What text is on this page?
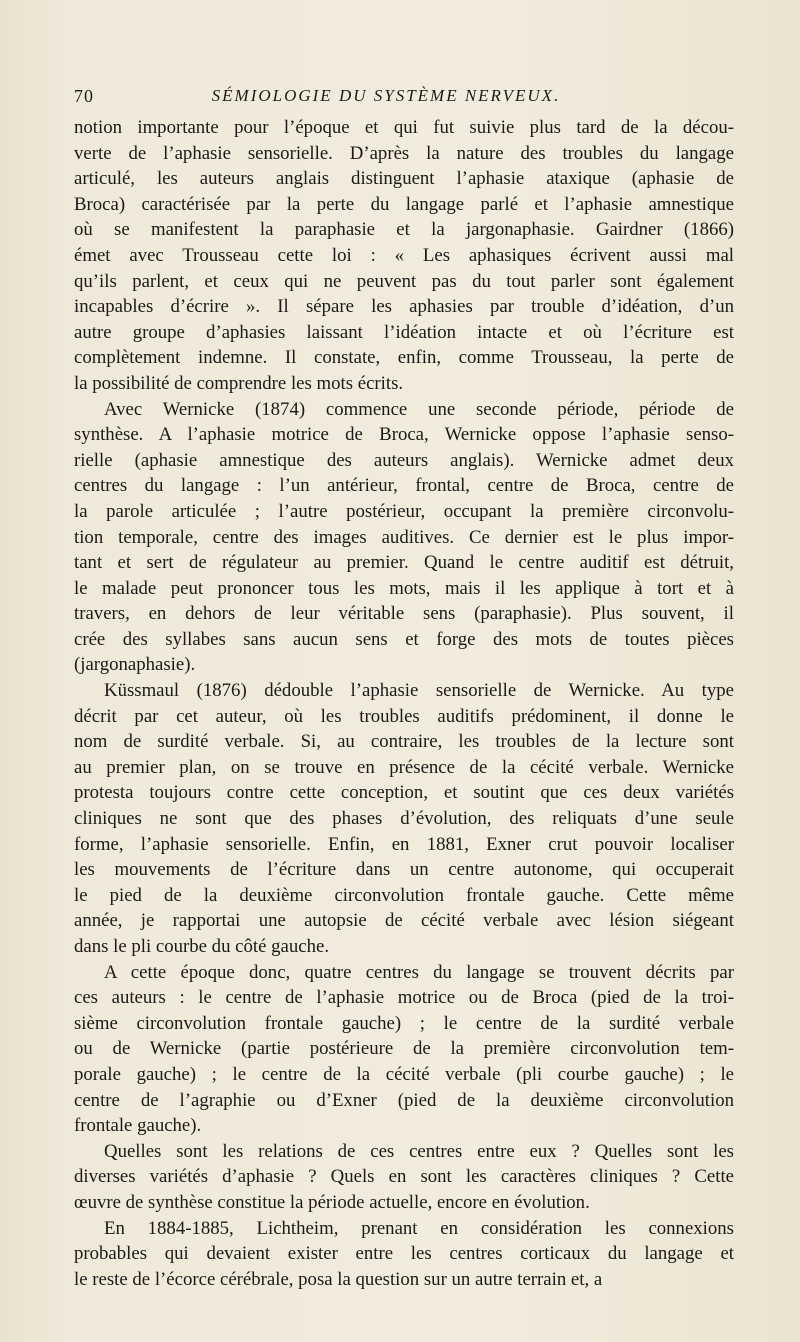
70	SÉMIOLOGIE DU SYSTÈME NERVEUX.
notion importante pour l’époque et qui fut suivie plus tard de la décou-
verte de l’aphasie sensorielle. D’après la nature des troubles du langage
articulé, les auteurs anglais distinguent l’aphasie ataxique (aphasie de
Broca) caractérisée par la perte du langage parlé et l’aphasie amnestique
où se manifestent la paraphasie et la jargonaphasie. Gairdner (1866)
émet avec Trousseau cette loi : « Les aphasiques écrivent aussi mal
qu’ils parlent, et ceux qui ne peuvent pas du tout parler sont également
incapables d’écrire ». Il sépare les aphasies par trouble d’idéation, d’un
autre groupe d’aphasies laissant l’idéation intacte et où l’écriture est
complètement indemne. Il constate, enfin, comme Trousseau, la perte de
la possibilité de comprendre les mots écrits.
Avec Wernicke (1874) commence une seconde période, période de
synthèse. A l’aphasie motrice de Broca, Wernicke oppose l’aphasie senso-
rielle (aphasie amnestique des auteurs anglais). Wernicke admet deux
centres du langage : l’un antérieur, frontal, centre de Broca, centre de
la parole articulée ; l’autre postérieur, occupant la première circonvolu-
tion temporale, centre des images auditives. Ce dernier est le plus impor-
tant et sert de régulateur au premier. Quand le centre auditif est détruit,
le malade peut prononcer tous les mots, mais il les applique à tort et à
travers, en dehors de leur véritable sens (paraphasie). Plus souvent, il
crée des syllabes sans aucun sens et forge des mots de toutes pièces
(jargonaphasie).
Küssmaul (1876) dédouble l’aphasie sensorielle de Wernicke. Au type
décrit par cet auteur, où les troubles auditifs prédominent, il donne le
nom de surdité verbale. Si, au contraire, les troubles de la lecture sont
au premier plan, on se trouve en présence de la cécité verbale. Wernicke
protesta toujours contre cette conception, et soutint que ces deux variétés
cliniques ne sont que des phases d’évolution, des reliquats d’une seule
forme, l’aphasie sensorielle. Enfin, en 1881, Exner crut pouvoir localiser
les mouvements de l’écriture dans un centre autonome, qui occuperait
le pied de la deuxième circonvolution frontale gauche. Cette même
année, je rapportai une autopsie de cécité verbale avec lésion siégeant
dans le pli courbe du côté gauche.
A cette époque donc, quatre centres du langage se trouvent décrits par
ces auteurs : le centre de l’aphasie motrice ou de Broca (pied de la troi-
sième circonvolution frontale gauche) ; le centre de la surdité verbale
ou de Wernicke (partie postérieure de la première circonvolution tem-
porale gauche) ; le centre de la cécité verbale (pli courbe gauche) ; le
centre de l’agraphie ou d’Exner (pied de la deuxième circonvolution
frontale gauche).
Quelles sont les relations de ces centres entre eux ? Quelles sont les
diverses variétés d’aphasie ? Quels en sont les caractères cliniques ? Cette
œuvre de synthèse constitue la période actuelle, encore en évolution.
En 1884-1885, Lichtheim, prenant en considération les connexions
probables qui devaient exister entre les centres corticaux du langage et
le reste de l’écorce cérébrale, posa la question sur un autre terrain et, a
